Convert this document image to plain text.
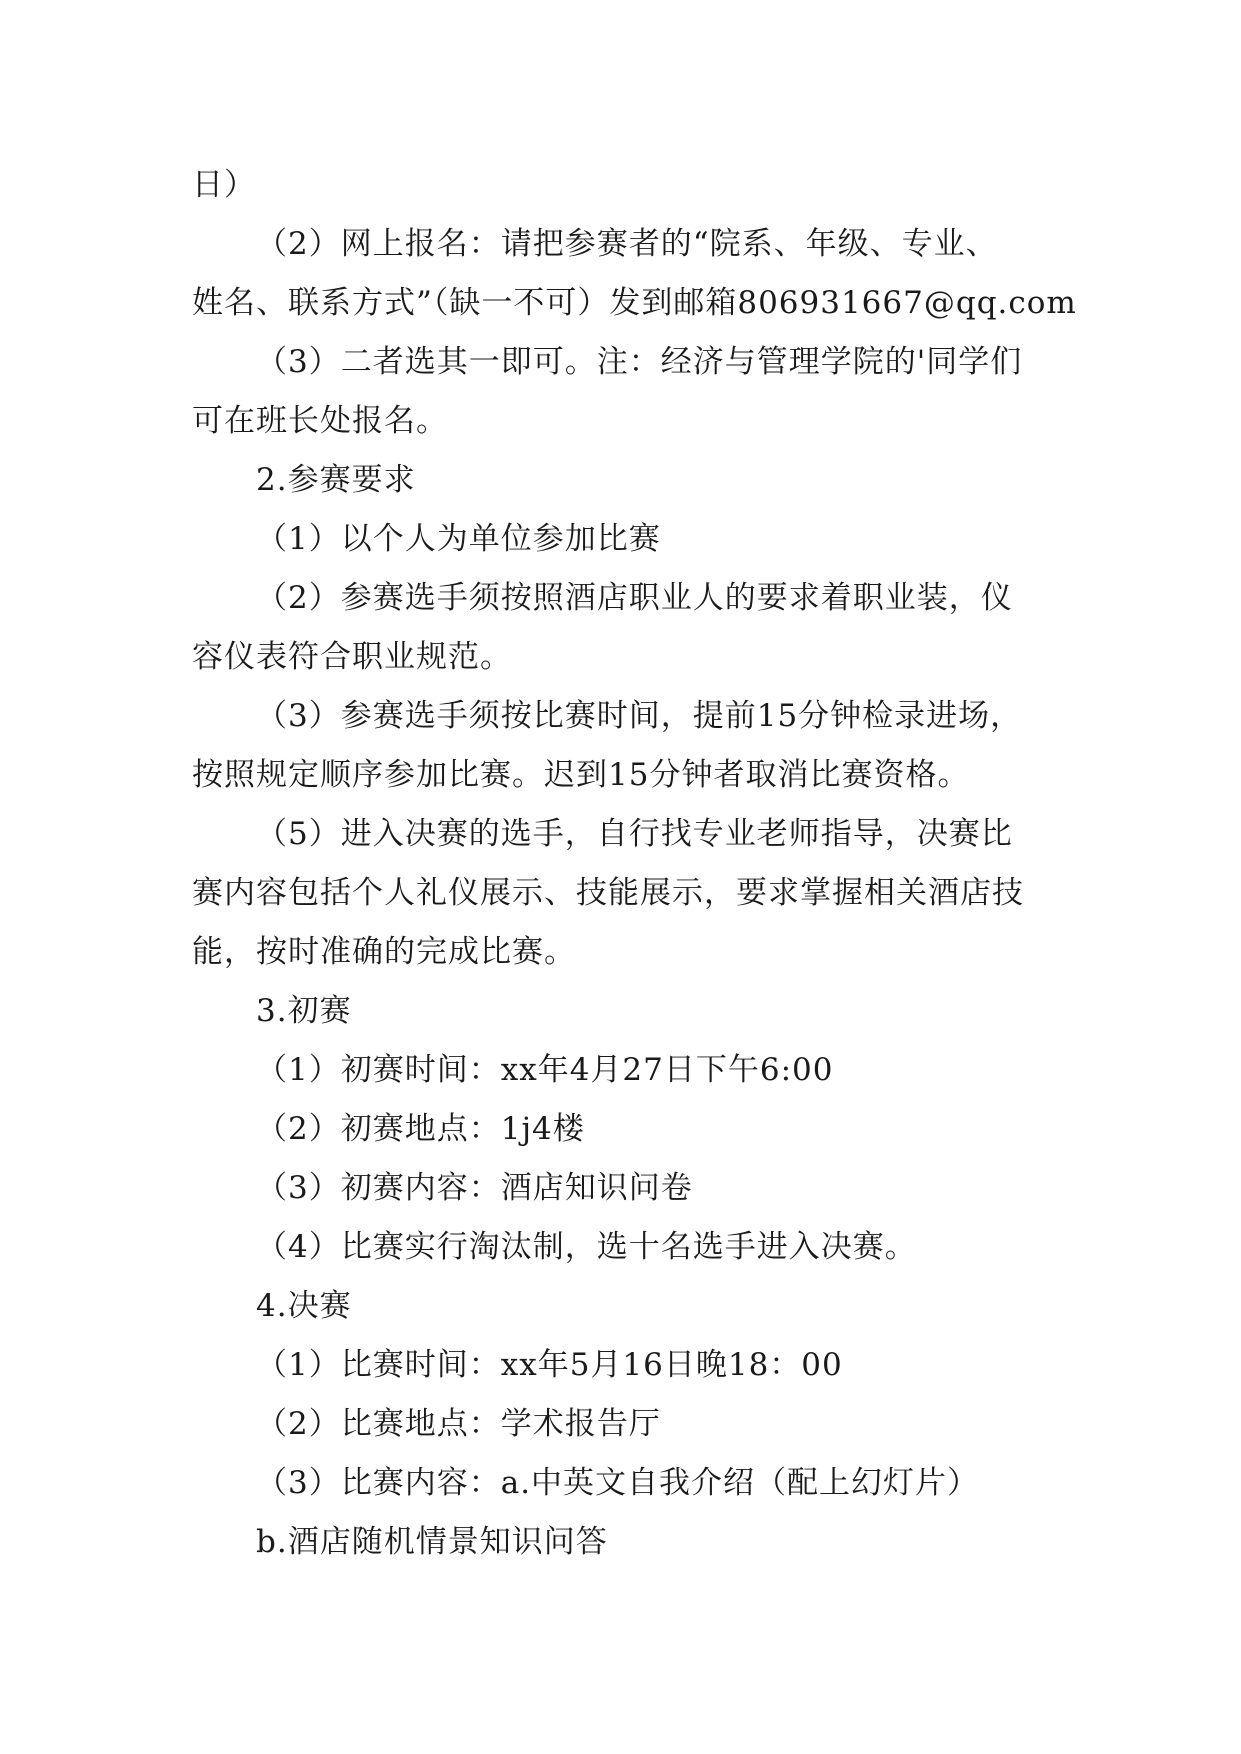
日）
（2）网上报名：请把参赛者的“院系、年级、专业、
姓名、联系方式”（缺一不可）发到邮箱806931667@qq.com
（3）二者选其一即可。注：经济与管理学院的'同学们
可在班长处报名。
2.参赛要求
（1）以个人为单位参加比赛
（2）参赛选手须按照酒店职业人的要求着职业装，仪
容仪表符合职业规范。
（3）参赛选手须按比赛时间，提前15分钟检录进场，
按照规定顺序参加比赛。迟到15分钟者取消比赛资格。
（5）进入决赛的选手，自行找专业老师指导，决赛比
赛内容包括个人礼仪展示、技能展示，要求掌握相关酒店技
能，按时准确的完成比赛。
3.初赛
（1）初赛时间：xx年4月27日下午6:00
（2）初赛地点：1j4楼
（3）初赛内容：酒店知识问卷
（4）比赛实行淘汰制，选十名选手进入决赛。
4.决赛
（1）比赛时间：xx年5月16日晚18：00
（2）比赛地点：学术报告厅
（3）比赛内容：a.中英文自我介绍（配上幻灯片）
b.酒店随机情景知识问答
